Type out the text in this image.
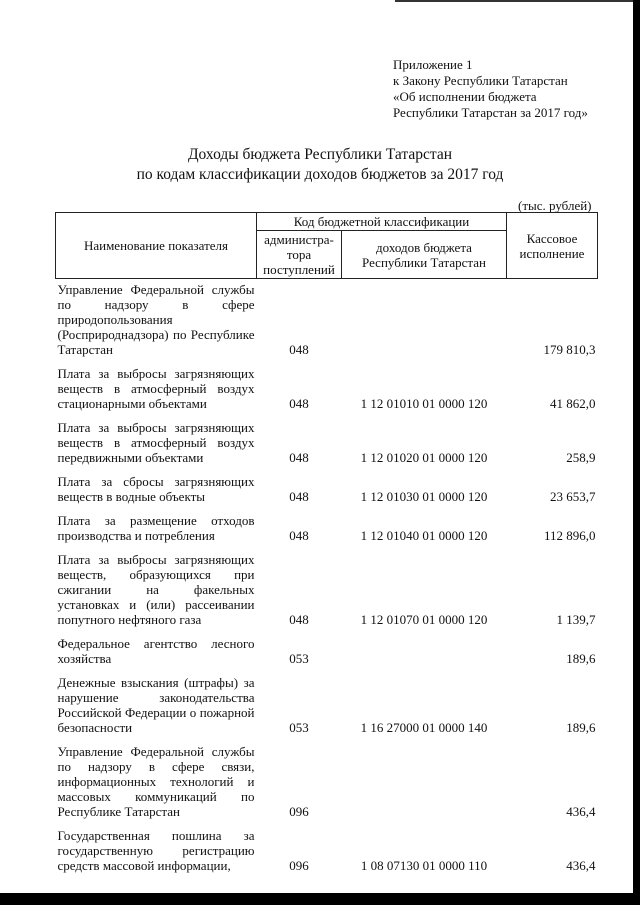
Приложение 1
к Закону Республики Татарстан
«Об исполнении бюджета
Республики Татарстан за 2017 год»
Доходы бюджета Республики Татарстан
по кодам классификации доходов бюджетов за 2017 год
(тыс. рублей)
Наименование показателя	Код бюджетной классификации		Кассовое исполнение
	администра-тора поступлений	доходов бюджета Республики Татарстан	
Управление Федеральной службы по надзору в сфере природопользования (Росприроднадзора) по Республике Татарстан	048		179 810,3
Плата за выбросы загрязняющих веществ в атмосферный воздух стационарными объектами	048	1 12 01010 01 0000 120	41 862,0
Плата за выбросы загрязняющих веществ в атмосферный воздух передвижными объектами	048	1 12 01020 01 0000 120	258,9
Плата за сбросы загрязняющих веществ в водные объекты	048	1 12 01030 01 0000 120	23 653,7
Плата за размещение отходов производства и потребления	048	1 12 01040 01 0000 120	112 896,0
Плата за выбросы загрязняющих веществ, образующихся при сжигании на факельных установках и (или) рассеивании попутного нефтяного газа	048	1 12 01070 01 0000 120	1 139,7
Федеральное агентство лесного хозяйства	053		189,6
Денежные взыскания (штрафы) за нарушение законодательства Российской Федерации о пожарной безопасности	053	1 16 27000 01 0000 140	189,6
Управление Федеральной службы по надзору в сфере связи, информационных технологий и массовых коммуникаций по Республике Татарстан	096		436,4
Государственная пошлина за государственную регистрацию средств массовой информации,	096	1 08 07130 01 0000 110	436,4
